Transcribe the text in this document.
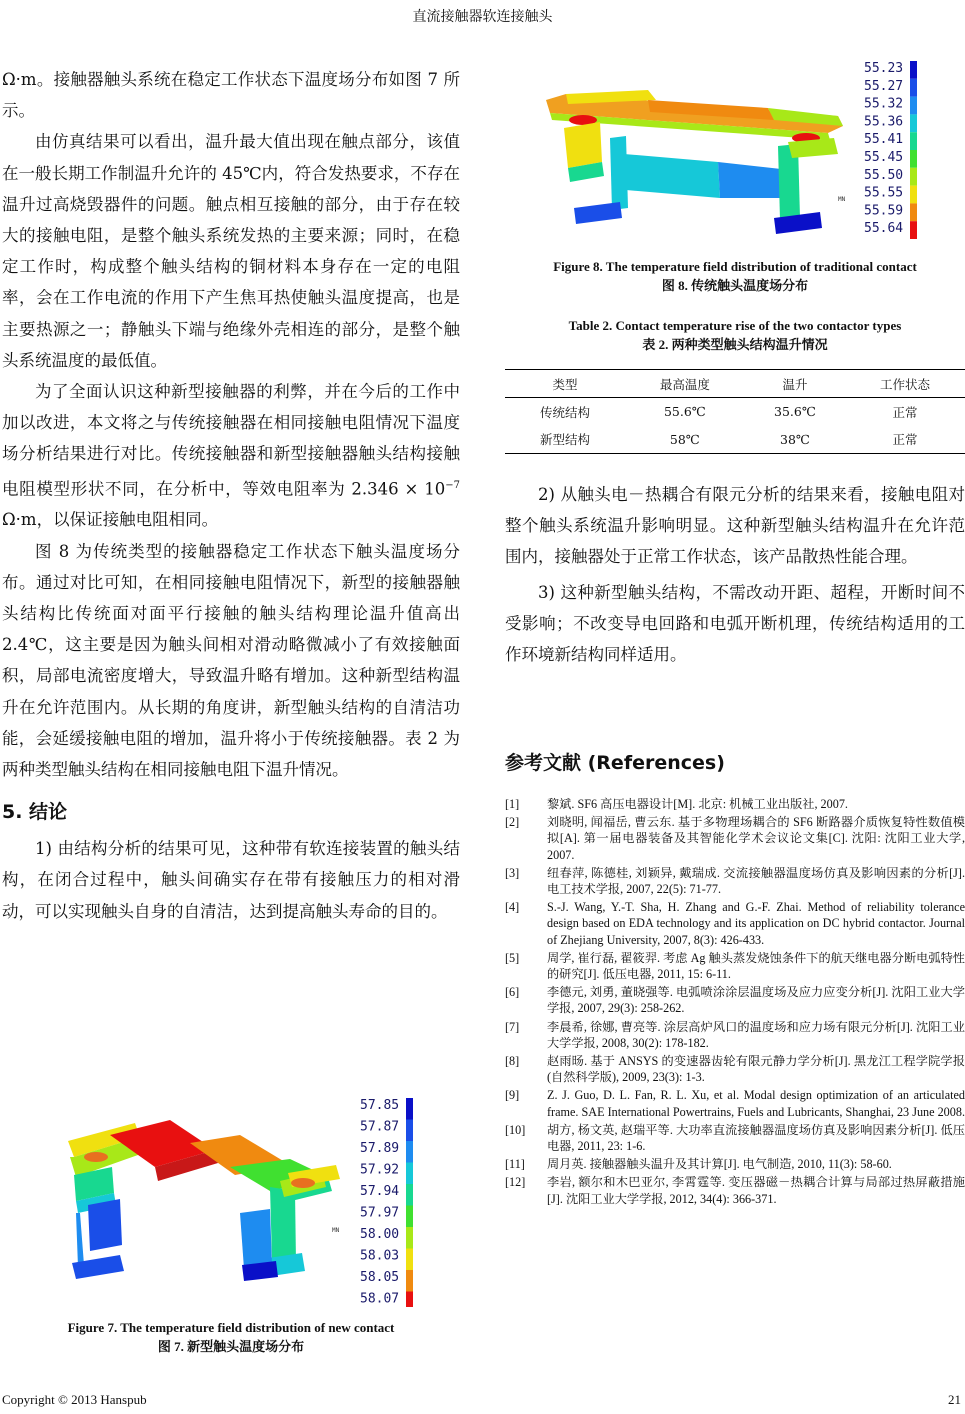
直流接触器软连接触头

Ω·m。接触器触头系统在稳定工作状态下温度场分布如图 7 所示。

由仿真结果可以看出，温升最大值出现在触点部分，该值在一般长期工作制温升允许的 45℃内，符合发热要求，不存在温升过高烧毁器件的问题。触点相互接触的部分，由于存在较大的接触电阻，是整个触头系统发热的主要来源；同时，在稳定工作时，构成整个触头结构的铜材料本身存在一定的电阻率，会在工作电流的作用下产生焦耳热使触头温度提高，也是主要热源之一；静触头下端与绝缘外壳相连的部分，是整个触头系统温度的最低值。

为了全面认识这种新型接触器的利弊，并在今后的工作中加以改进，本文将之与传统接触器在相同接触电阻情况下温度场分析结果进行对比。传统接触器和新型接触器触头结构接触电阻模型形状不同，在分析中，等效电阻率为 $2.346 \times 10^{-7}$ Ω·m，以保证接触电阻相同。

图 8 为传统类型的接触器稳定工作状态下触头温度场分布。通过对比可知，在相同接触电阻情况下，新型的接触器触头结构比传统面对面平行接触的触头结构理论温升值高出 2.4℃，这主要是因为触头间相对滑动略微减小了有效接触面积，局部电流密度增大，导致温升略有增加。这种新型结构温升在允许范围内。从长期的角度讲，新型触头结构的自清洁功能，会延缓接触电阻的增加，温升将小于传统接触器。表 2 为两种类型触头结构在相同接触电阻下温升情况。

5. 结论

1) 由结构分析的结果可见，这种带有软连接装置的触头结构，在闭合过程中，触头间确实存在带有接触压力的相对滑动，可以实现触头自身的自清洁，达到提高触头寿命的目的。

MN
57.85
57.87
57.89
57.92
57.94
57.97
58.00
58.03
58.05
58.07
Figure 7. The temperature field distribution of new contact
图 7. 新型触头温度场分布
MN
55.23
55.27
55.32
55.36
55.41
55.45
55.50
55.55
55.59
55.64
Figure 8. The temperature field distribution of traditional contact
图 8. 传统触头温度场分布
Table 2. Contact temperature rise of the two contactor types
表 2. 两种类型触头结构温升情况
类型	最高温度	温升	工作状态
传统结构	55.6℃	35.6℃	正常
新型结构	58℃	38℃	正常

2) 从触头电－热耦合有限元分析的结果来看，接触电阻对整个触头系统温升影响明显。这种新型触头结构温升在允许范围内，接触器处于正常工作状态，该产品散热性能合理。

3) 这种新型触头结构，不需改动开距、超程，开断时间不受影响；不改变导电回路和电弧开断机理，传统结构适用的工作环境新结构同样适用。

参考文献 (References)
[1]	黎斌. SF6 高压电器设计[M]. 北京: 机械工业出版社, 2007.
[2]	刘晓明, 闻福岳, 曹云东. 基于多物理场耦合的 SF6 断路器介质恢复特性数值模拟[A]. 第一届电器装备及其智能化学术会议论文集[C]. 沈阳: 沈阳工业大学, 2007.
[3]	纽春萍, 陈德桂, 刘颖异, 戴瑞成. 交流接触器温度场仿真及影响因素的分析[J]. 电工技术学报, 2007, 22(5): 71-77.
[4]	S.-J. Wang, Y.-T. Sha, H. Zhang and G.-F. Zhai. Method of reliability tolerance design based on EDA technology and its application on DC hybrid contactor. Journal of Zhejiang University, 2007, 8(3): 426-433.
[5]	周学, 崔行磊, 翟筱羿. 考虑 Ag 触头蒸发烧蚀条件下的航天继电器分断电弧特性的研究[J]. 低压电器, 2011, 15: 6-11.
[6]	李德元, 刘勇, 董晓强等. 电弧喷涂涂层温度场及应力应变分析[J]. 沈阳工业大学学报, 2007, 29(3): 258-262.
[7]	李晨希, 徐娜, 曹亮等. 涂层高炉风口的温度场和应力场有限元分析[J]. 沈阳工业大学学报, 2008, 30(2): 178-182.
[8]	赵雨旸. 基于 ANSYS 的变速器齿轮有限元静力学分析[J]. 黑龙江工程学院学报(自然科学版), 2009, 23(3): 1-3.
[9]	Z. J. Guo, D. L. Fan, R. L. Xu, et al. Modal design optimization of an articulated frame. SAE International Powertrains, Fuels and Lubricants, Shanghai, 23 June 2008.
[10]	胡方, 杨文英, 赵瑞平等. 大功率直流接触器温度场仿真及影响因素分析[J]. 低压电器, 2011, 23: 1-6.
[11]	周月英. 接触器触头温升及其计算[J]. 电气制造, 2010, 11(3): 58-60.
[12]	李岩, 额尔和木巴亚尔, 李霄霆等. 变压器磁－热耦合计算与局部过热屏蔽措施[J]. 沈阳工业大学学报, 2012, 34(4): 366-371.
Copyright © 2013 Hanspub	21
